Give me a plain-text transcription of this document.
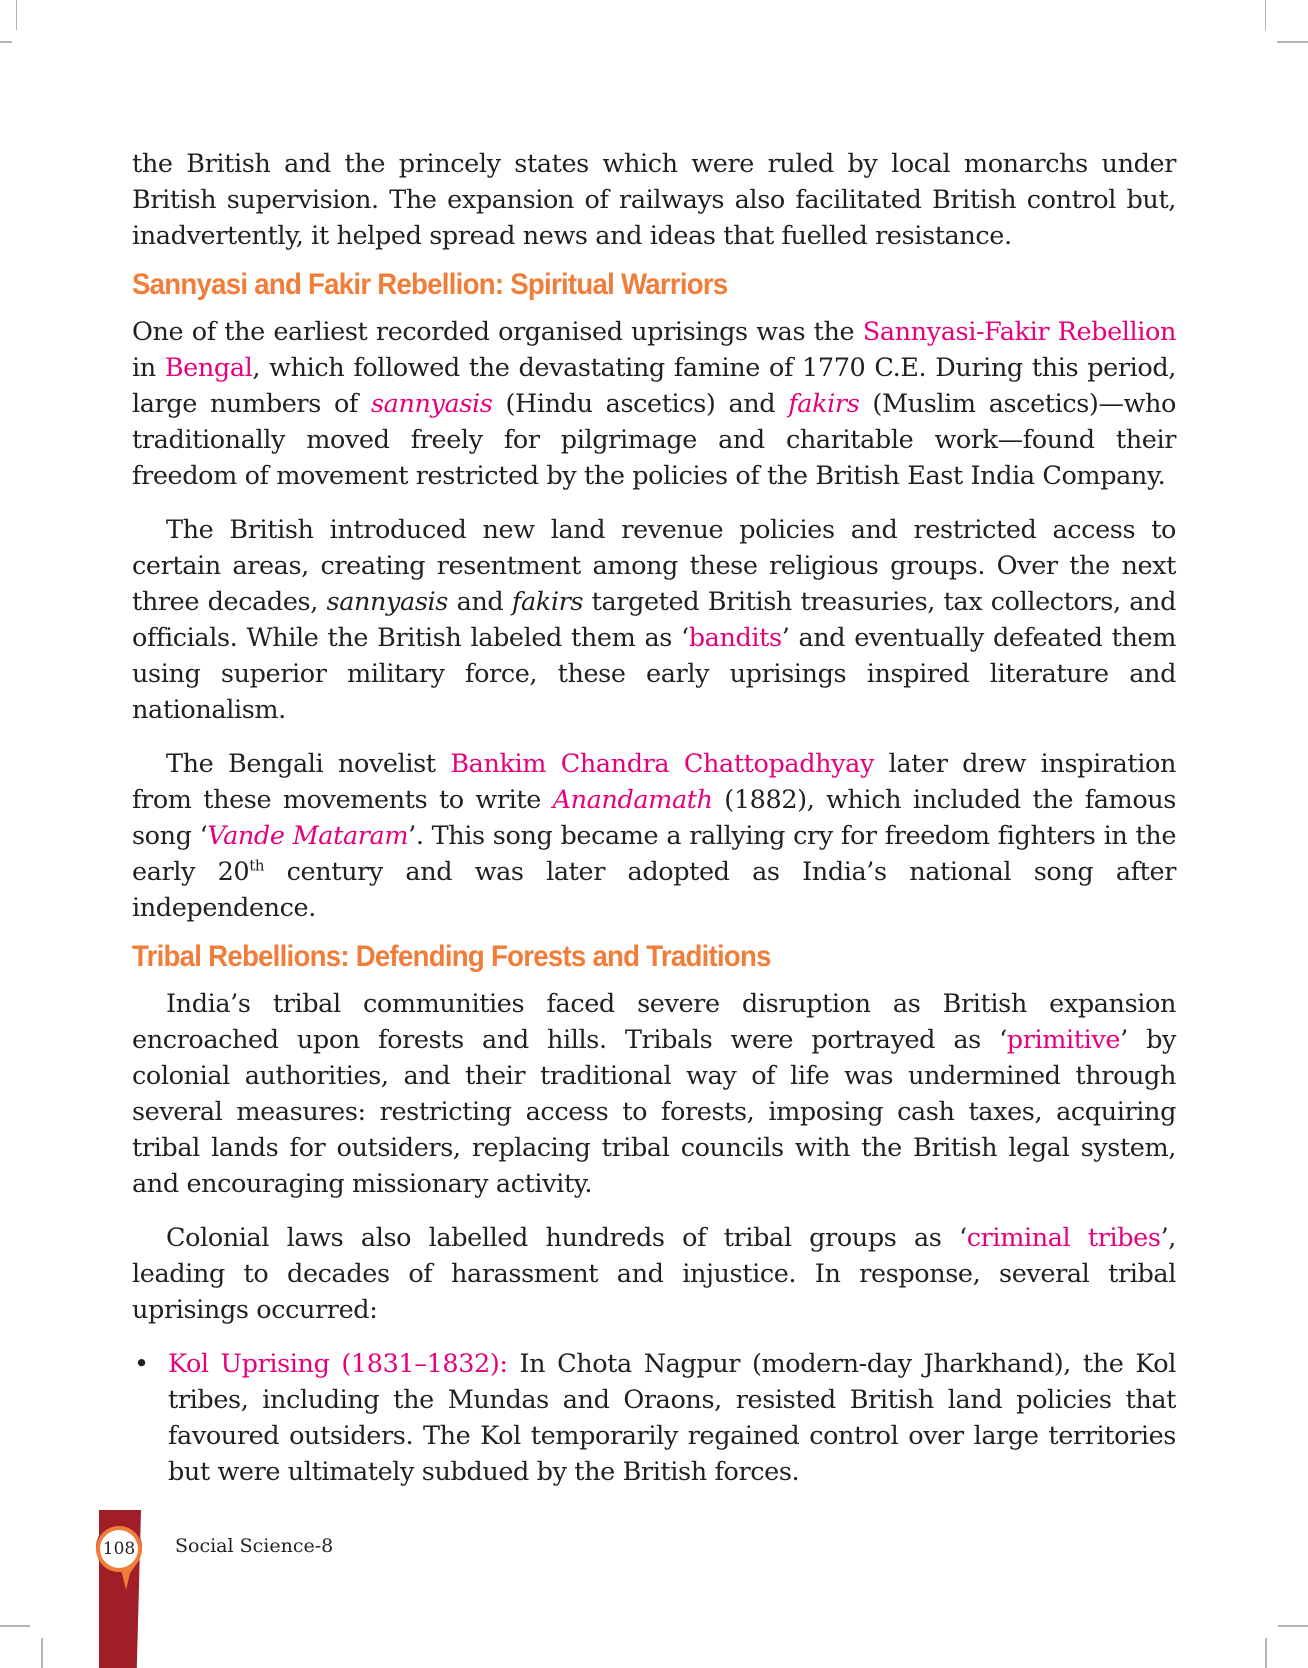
the British and the princely states which were ruled by local monarchs under British supervision. The expansion of railways also facilitated British control but, inadvertently, it helped spread news and ideas that fuelled resistance.

Sannyasi and Fakir Rebellion: Spiritual Warriors

One of the earliest recorded organised uprisings was the Sannyasi-Fakir Rebellion in Bengal, which followed the devastating famine of 1770 C.E. During this period, large numbers of sannyasis (Hindu ascetics) and fakirs (Muslim ascetics)—who traditionally moved freely for pilgrimage and charitable work—found their freedom of movement restricted by the policies of the British East India Company.

The British introduced new land revenue policies and restricted access to certain areas, creating resentment among these religious groups. Over the next three decades, sannyasis and fakirs targeted British treasuries, tax collectors, and officials. While the British labeled them as ‘bandits’ and eventually defeated them using superior military force, these early uprisings inspired literature and nationalism.

The Bengali novelist Bankim Chandra Chattopadhyay later drew inspiration from these movements to write Anandamath (1882), which included the famous song ‘Vande Mataram’. This song became a rallying cry for freedom fighters in the early 20th century and was later adopted as India’s national song after independence.

Tribal Rebellions: Defending Forests and Traditions

India’s tribal communities faced severe disruption as British expansion encroached upon forests and hills. Tribals were portrayed as ‘primitive’ by colonial authorities, and their traditional way of life was undermined through several measures: restricting access to forests, imposing cash taxes, acquiring tribal lands for outsiders, replacing tribal councils with the British legal system, and encouraging missionary activity.

Colonial laws also labelled hundreds of tribal groups as ‘criminal tribes’, leading to decades of harassment and injustice. In response, several tribal uprisings occurred:

• Kol Uprising (1831–1832): In Chota Nagpur (modern-day Jharkhand), the Kol tribes, including the Mundas and Oraons, resisted British land policies that favoured outsiders. The Kol temporarily regained control over large territories but were ultimately subdued by the British forces.
108 Social Science-8
